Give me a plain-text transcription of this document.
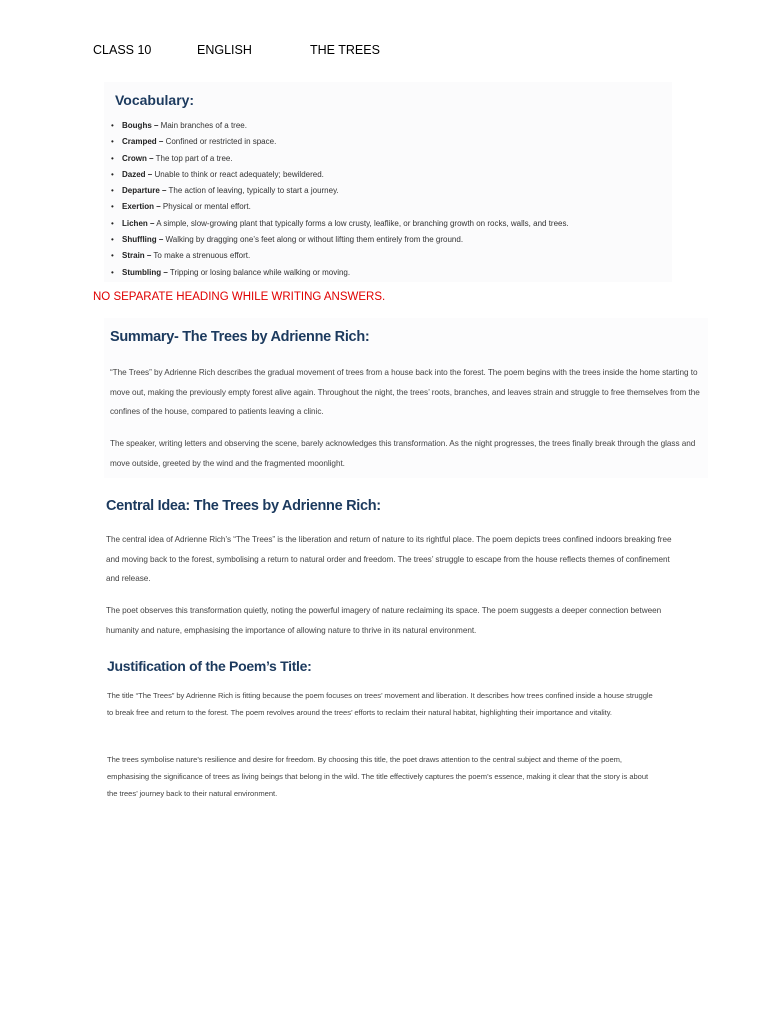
CLASS 10	ENGLISH	THE TREES
Vocabulary:
• Boughs – Main branches of a tree.
• Cramped – Confined or restricted in space.
• Crown – The top part of a tree.
• Dazed – Unable to think or react adequately; bewildered.
• Departure – The action of leaving, typically to start a journey.
• Exertion – Physical or mental effort.
• Lichen – A simple, slow-growing plant that typically forms a low crusty, leaflike, or branching growth on rocks, walls, and trees.
• Shuffling – Walking by dragging one’s feet along or without lifting them entirely from the ground.
• Strain – To make a strenuous effort.
• Stumbling – Tripping or losing balance while walking or moving.
NO SEPARATE HEADING WHILE WRITING ANSWERS.
Summary- The Trees by Adrienne Rich:

“The Trees” by Adrienne Rich describes the gradual movement of trees from a house back into the forest. The poem begins with the trees inside the home starting to move out, making the previously empty forest alive again. Throughout the night, the trees’ roots, branches, and leaves strain and struggle to free themselves from the confines of the house, compared to patients leaving a clinic.

The speaker, writing letters and observing the scene, barely acknowledges this transformation. As the night progresses, the trees finally break through the glass and move outside, greeted by the wind and the fragmented moonlight.

Central Idea: The Trees by Adrienne Rich:

The central idea of Adrienne Rich’s “The Trees” is the liberation and return of nature to its rightful place. The poem depicts trees confined indoors breaking free and moving back to the forest, symbolising a return to natural order and freedom. The trees’ struggle to escape from the house reflects themes of confinement and release.

The poet observes this transformation quietly, noting the powerful imagery of nature reclaiming its space. The poem suggests a deeper connection between humanity and nature, emphasising the importance of allowing nature to thrive in its natural environment.

Justification of the Poem’s Title:

The title “The Trees” by Adrienne Rich is fitting because the poem focuses on trees’ movement and liberation. It describes how trees confined inside a house struggle to break free and return to the forest. The poem revolves around the trees’ efforts to reclaim their natural habitat, highlighting their importance and vitality.

The trees symbolise nature’s resilience and desire for freedom. By choosing this title, the poet draws attention to the central subject and theme of the poem, emphasising the significance of trees as living beings that belong in the wild. The title effectively captures the poem’s essence, making it clear that the story is about the trees’ journey back to their natural environment.
